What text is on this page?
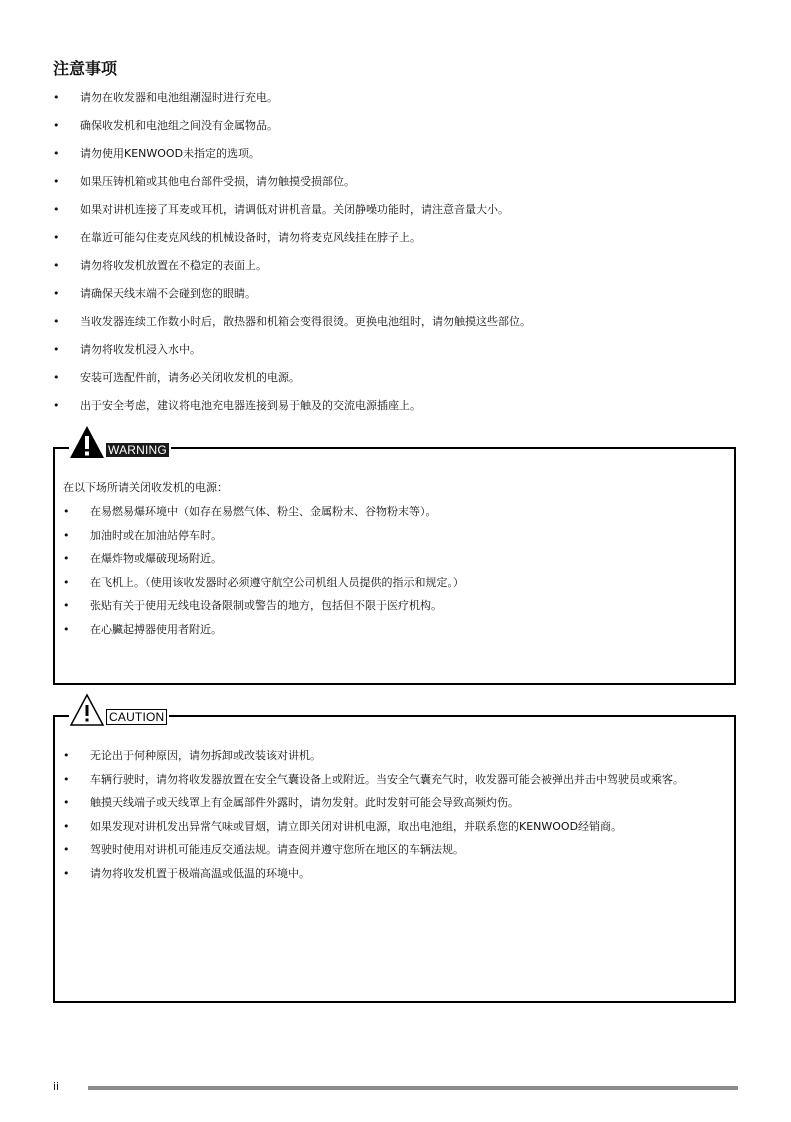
注意事项
• 请勿在收发器和电池组潮湿时进行充电。
• 确保收发机和电池组之间没有金属物品。
• 请勿使用KENWOOD未指定的选项。
• 如果压铸机箱或其他电台部件受损，请勿触摸受损部位。
• 如果对讲机连接了耳麦或耳机，请调低对讲机音量。关闭静噪功能时，请注意音量大小。
• 在靠近可能勾住麦克风线的机械设备时，请勿将麦克风线挂在脖子上。
• 请勿将收发机放置在不稳定的表面上。
• 请确保天线末端不会碰到您的眼睛。
• 当收发器连续工作数小时后，散热器和机箱会变得很烫。更换电池组时，请勿触摸这些部位。
• 请勿将收发机浸入水中。
• 安装可选配件前，请务必关闭收发机的电源。
• 出于安全考虑，建议将电池充电器连接到易于触及的交流电源插座上。
WARNING

在以下场所请关闭收发机的电源：

• 在易燃易爆环境中（如存在易燃气体、粉尘、金属粉末、谷物粉末等）。
• 加油时或在加油站停车时。
• 在爆炸物或爆破现场附近。
• 在飞机上。（使用该收发器时必须遵守航空公司机组人员提供的指示和规定。）
• 张贴有关于使用无线电设备限制或警告的地方，包括但不限于医疗机构。
• 在心臟起搏器使用者附近。
CAUTION
• 无论出于何种原因，请勿拆卸或改装该对讲机。
• 车辆行驶时，请勿将收发器放置在安全气囊设备上或附近。当安全气囊充气时，收发器可能会被弹出并击中驾驶员或乘客。
• 触摸天线端子或天线罩上有金属部件外露时，请勿发射。此时发射可能会导致高频灼伤。
• 如果发现对讲机发出异常气味或冒烟，请立即关闭对讲机电源，取出电池组，并联系您的KENWOOD经销商。
• 驾驶时使用对讲机可能违反交通法规。请查阅并遵守您所在地区的车辆法规。
• 请勿将收发机置于极端高温或低温的环境中。
ii
